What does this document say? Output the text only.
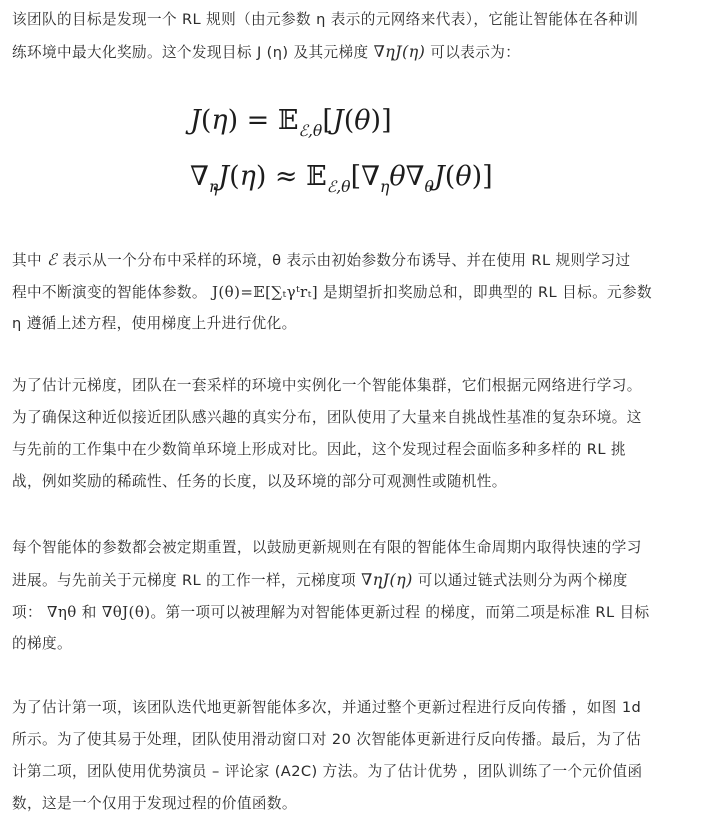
该团队的目标是发现一个 RL 规则（由元参数 η 表示的元网络来代表），它能让智能体在各种训
练环境中最大化奖励。这个发现目标 J (η) 及其元梯度 ∇ηJ(η) 可以表示为：
J(η) = 𝔼$_{ℰ,\theta}$[J(θ)]
$\nabla_\eta J(\eta)$ ≈ $𝔼_{ℰ,\theta}[\nabla_\eta\theta\nabla_\theta J(\theta)]$
其中 ℰ 表示从一个分布中采样的环境，θ 表示由初始参数分布诱导、并在使用 RL 规则学习过
程中不断演变的智能体参数。 J(θ)=𝔼[∑ₜγᵗrₜ] 是期望折扣奖励总和，即典型的 RL 目标。元参数
η 遵循上述方程，使用梯度上升进行优化。
为了估计元梯度，团队在一套采样的环境中实例化一个智能体集群，它们根据元网络进行学习。
为了确保这种近似接近团队感兴趣的真实分布，团队使用了大量来自挑战性基准的复杂环境。这
与先前的工作集中在少数简单环境上形成对比。因此，这个发现过程会面临多种多样的 RL 挑
战，例如奖励的稀疏性、任务的长度，以及环境的部分可观测性或随机性。
每个智能体的参数都会被定期重置，以鼓励更新规则在有限的智能体生命周期内取得快速的学习
进展。与先前关于元梯度 RL 的工作一样，元梯度项 ∇ηJ(η) 可以通过链式法则分为两个梯度
项： ∇ηθ 和 ∇θJ(θ)。第一项可以被理解为对智能体更新过程 的梯度，而第二项是标准 RL 目标
的梯度。
为了估计第一项，该团队迭代地更新智能体多次，并通过整个更新过程进行反向传播 ，如图 1d
所示。为了使其易于处理，团队使用滑动窗口对 20 次智能体更新进行反向传播。最后，为了估
计第二项，团队使用优势演员 – 评论家 (A2C) 方法。为了估计优势 ，团队训练了一个元价值函
数，这是一个仅用于发现过程的价值函数。
